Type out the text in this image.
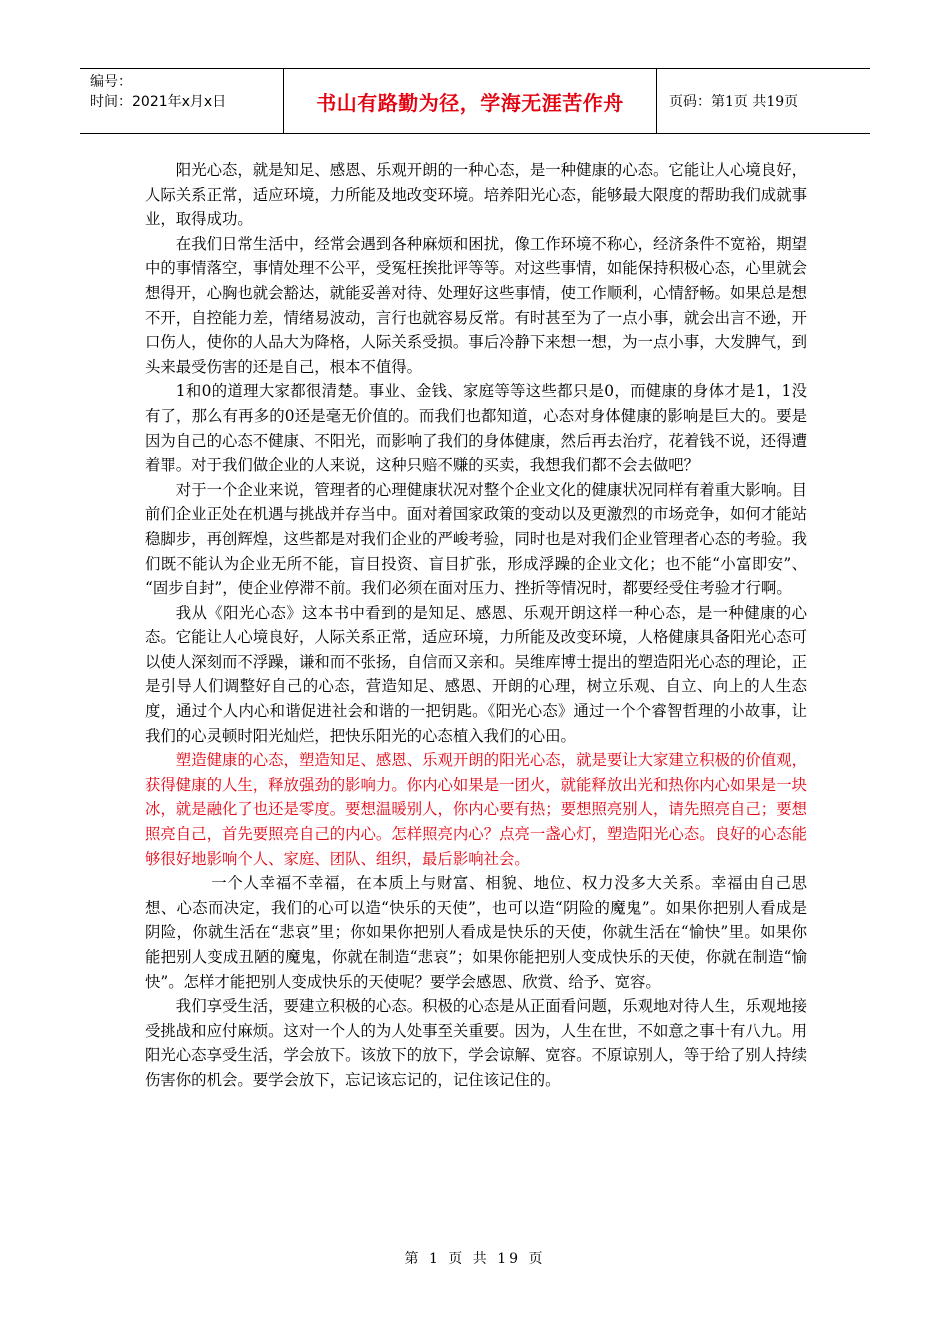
编号：
时间：2021年x月x日	书山有路勤为径，学海无涯苦作舟	页码：第1页 共19页

阳光心态，就是知足、感恩、乐观开朗的一种心态，是一种健康的心态。它能让人心境良好，人际关系正常，适应环境，力所能及地改变环境。培养阳光心态，能够最大限度的帮助我们成就事业，取得成功。

在我们日常生活中，经常会遇到各种麻烦和困扰，像工作环境不称心，经济条件不宽裕，期望中的事情落空，事情处理不公平，受冤枉挨批评等等。对这些事情，如能保持积极心态，心里就会想得开，心胸也就会豁达，就能妥善对待、处理好这些事情，使工作顺利，心情舒畅。如果总是想不开，自控能力差，情绪易波动，言行也就容易反常。有时甚至为了一点小事，就会出言不逊，开口伤人，使你的人品大为降格，人际关系受损。事后冷静下来想一想，为一点小事，大发脾气，到头来最受伤害的还是自己，根本不值得。

1和0的道理大家都很清楚。事业、金钱、家庭等等这些都只是0，而健康的身体才是1，1没有了，那么有再多的0还是毫无价值的。而我们也都知道，心态对身体健康的影响是巨大的。要是因为自己的心态不健康、不阳光，而影响了我们的身体健康，然后再去治疗，花着钱不说，还得遭着罪。对于我们做企业的人来说，这种只赔不赚的买卖，我想我们都不会去做吧？

对于一个企业来说，管理者的心理健康状况对整个企业文化的健康状况同样有着重大影响。目前们企业正处在机遇与挑战并存当中。面对着国家政策的变动以及更激烈的市场竞争，如何才能站稳脚步，再创辉煌，这些都是对我们企业的严峻考验，同时也是对我们企业管理者心态的考验。我们既不能认为企业无所不能，盲目投资、盲目扩张，形成浮躁的企业文化；也不能“小富即安”、 “固步自封”，使企业停滞不前。我们必须在面对压力、挫折等情况时，都要经受住考验才行啊。

我从《阳光心态》这本书中看到的是知足、感恩、乐观开朗这样一种心态，是一种健康的心态。它能让人心境良好，人际关系正常，适应环境，力所能及改变环境，人格健康具备阳光心态可以使人深刻而不浮躁，谦和而不张扬，自信而又亲和。吴维库博士提出的塑造阳光心态的理论，正是引导人们调整好自己的心态，营造知足、感恩、开朗的心理，树立乐观、自立、向上的人生态度，通过个人内心和谐促进社会和谐的一把钥匙。《阳光心态》通过一个个睿智哲理的小故事，让我们的心灵顿时阳光灿烂，把快乐阳光的心态植入我们的心田。

塑造健康的心态，塑造知足、感恩、乐观开朗的阳光心态，就是要让大家建立积极的价值观，获得健康的人生，释放强劲的影响力。你内心如果是一团火，就能释放出光和热你内心如果是一块冰，就是融化了也还是零度。要想温暖别人，你内心要有热；要想照亮别人，请先照亮自己；要想照亮自己，首先要照亮自己的内心。怎样照亮内心？点亮一盏心灯，塑造阳光心态。良好的心态能够很好地影响个人、家庭、团队、组织，最后影响社会。

一个人幸福不幸福，在本质上与财富、相貌、地位、权力没多大关系。幸福由自己思想、心态而决定，我们的心可以造“快乐的天使”，也可以造“阴险的魔鬼”。如果你把别人看成是阴险，你就生活在“悲哀”里；你如果你把别人看成是快乐的天使，你就生活在“愉快”里。如果你能把别人变成丑陋的魔鬼，你就在制造“悲哀”；如果你能把别人变成快乐的天使，你就在制造“愉快”。怎样才能把别人变成快乐的天使呢？要学会感恩、欣赏、给予、宽容。

我们享受生活，要建立积极的心态。积极的心态是从正面看问题，乐观地对待人生，乐观地接受挑战和应付麻烦。这对一个人的为人处事至关重要。因为，人生在世，不如意之事十有八九。用阳光心态享受生活，学会放下。该放下的放下，学会谅解、宽容。不原谅别人，等于给了别人持续伤害你的机会。要学会放下，忘记该忘记的，记住该记住的。

第 1 页 共 19 页
